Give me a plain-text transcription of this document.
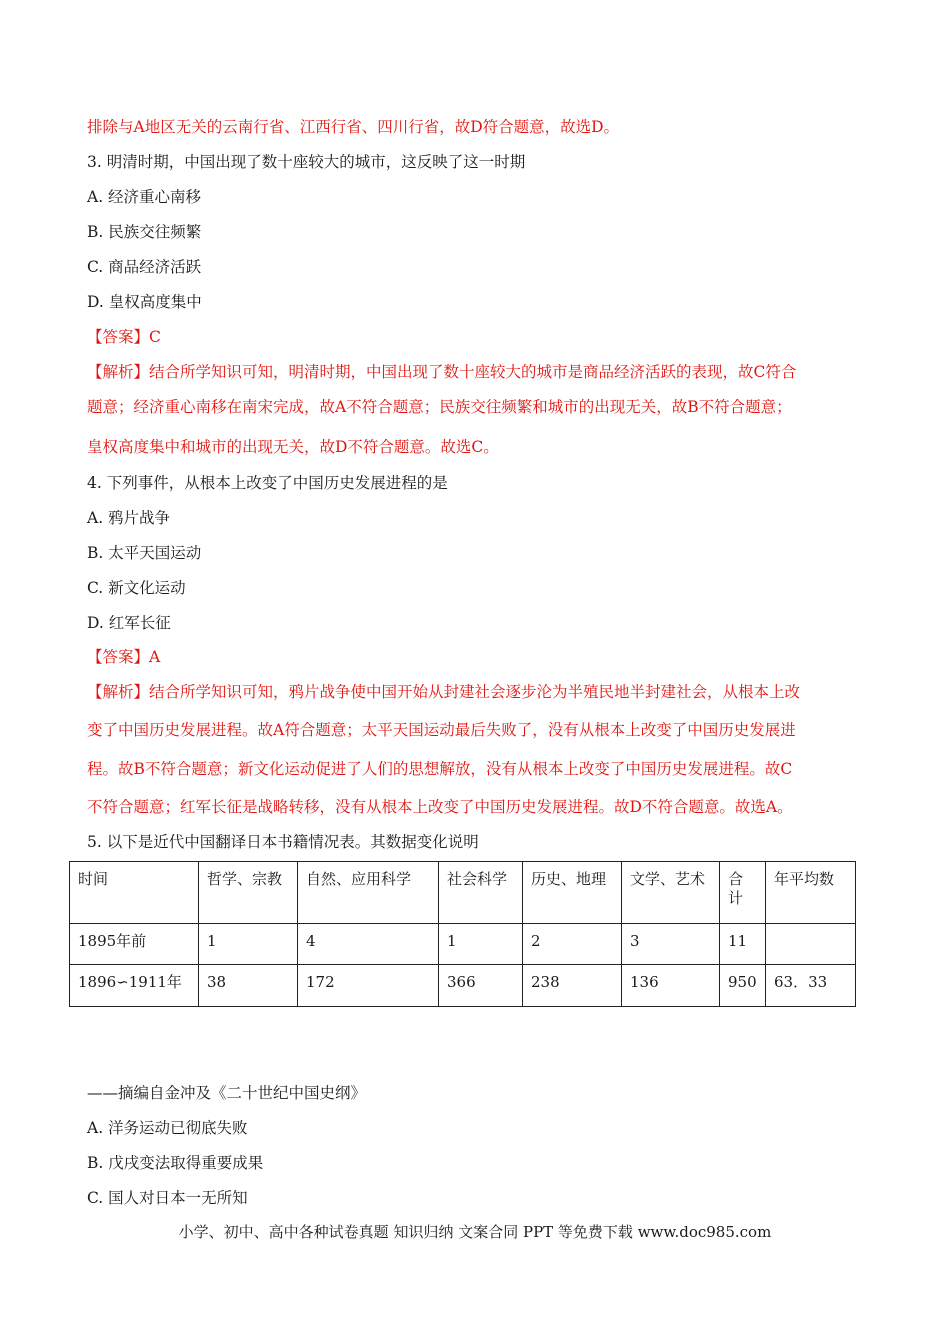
排除与A地区无关的云南行省、江西行省、四川行省，故D符合题意，故选D。
3. 明清时期，中国出现了数十座较大的城市，这反映了这一时期
A. 经济重心南移
B. 民族交往频繁
C. 商品经济活跃
D. 皇权高度集中
【答案】C
【解析】结合所学知识可知，明清时期，中国出现了数十座较大的城市是商品经济活跃的表现，故C符合
题意；经济重心南移在南宋完成，故A不符合题意；民族交往频繁和城市的出现无关，故B不符合题意；
皇权高度集中和城市的出现无关，故D不符合题意。故选C。
4. 下列事件，从根本上改变了中国历史发展进程的是
A. 鸦片战争
B. 太平天国运动
C. 新文化运动
D. 红军长征
【答案】A
【解析】结合所学知识可知，鸦片战争使中国开始从封建社会逐步沦为半殖民地半封建社会，从根本上改
变了中国历史发展进程。故A符合题意；太平天国运动最后失败了，没有从根本上改变了中国历史发展进
程。故B不符合题意；新文化运动促进了人们的思想解放，没有从根本上改变了中国历史发展进程。故C
不符合题意；红军长征是战略转移，没有从根本上改变了中国历史发展进程。故D不符合题意。故选A。
5. 以下是近代中国翻译日本书籍情况表。其数据变化说明
时间	哲学、宗教	自然、应用科学	社会科学	历史、地理	文学、艺术	合计	年平均数
1895年前	1	4	1	2	3	11	
1896∽1911年	38	172	366	238	136	950	63．33
——摘编自金冲及《二十世纪中国史纲》
A. 洋务运动已彻底失败
B. 戊戌变法取得重要成果
C. 国人对日本一无所知
小学、初中、高中各种试卷真题 知识归纳 文案合同 PPT 等免费下载 www.doc985.com
